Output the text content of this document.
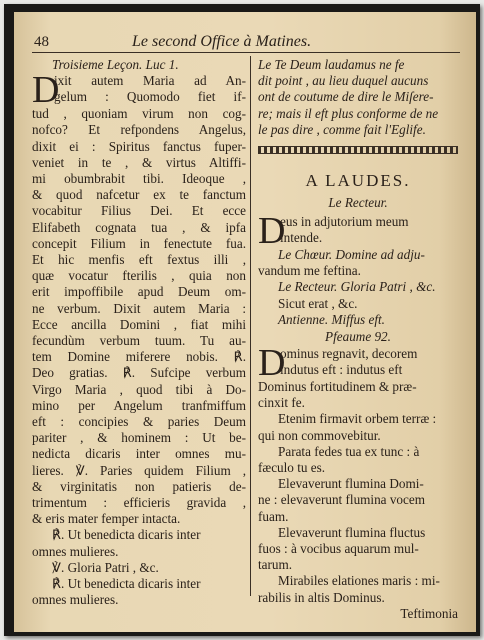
48	Le second Office à Matines.
Troisieme Leçon. Luc 1.
D
ixit autem Maria ad An-
gelum : Quomodo fiet if-
tud , quoniam virum non cog-
nofco? Et refpondens Angelus,
dixit ei : Spiritus fanctus fuper-
veniet in te , & virtus Altiffi-
mi obumbrabit tibi. Ideoque ,
& quod nafcetur ex te fanctum
vocabitur Filius Dei. Et ecce
Elifabeth cognata tua , & ipfa
concepit Filium in fenectute fua.
Et hic menfis eft fextus illi ,
quæ vocatur fterilis , quia non
erit impoffibile apud Deum om-
ne verbum. Dixit autem Maria :
Ecce ancilla Domini , fiat mihi
fecundùm verbum tuum. Tu au-
tem Domine miferere nobis. ℟.
Deo gratias. ℟. Sufcipe verbum
Virgo Maria , quod tibi à Do-
mino per Angelum tranfmiffum
eft : concipies & paries Deum
pariter , & hominem : Ut be-
nedicta dicaris inter omnes mu-
lieres. ℣. Paries quidem Filium ,
& virginitatis non patieris de-
trimentum : efficieris gravida ,
& eris mater femper intacta.
℟. Ut benedicta dicaris inter
omnes mulieres.
℣. Gloria Patri , &c.
℟. Ut benedicta dicaris inter
omnes mulieres.
Le Te Deum laudamus ne fe
dit point , au lieu duquel aucuns
ont de coutume de dire le Miſere-
re; mais il eft plus conforme de ne
le pas dire , comme fait l'Eglife.
A LAUDES.
Le Recteur.
D
eus in adjutorium meum
intende.
Le Chœur. Domine ad adju-
vandum me feftina.
Le Recteur. Gloria Patri , &c.
Sicut erat , &c.
Antienne. Miffus eft.
Pfeaume 92.
D
ominus regnavit, decorem
indutus eft : indutus eft
Dominus fortitudinem & præ-
cinxit fe.
Etenim firmavit orbem terræ :
qui non commovebitur.
Parata fedes tua ex tunc : à
fæculo tu es.
Elevaverunt flumina Domi-
ne : elevaverunt flumina vocem
fuam.
Elevaverunt flumina fluctus
fuos : à vocibus aquarum mul-
tarum.
Mirabiles elationes maris : mi-
rabilis in altis Dominus.
Teftimonia
